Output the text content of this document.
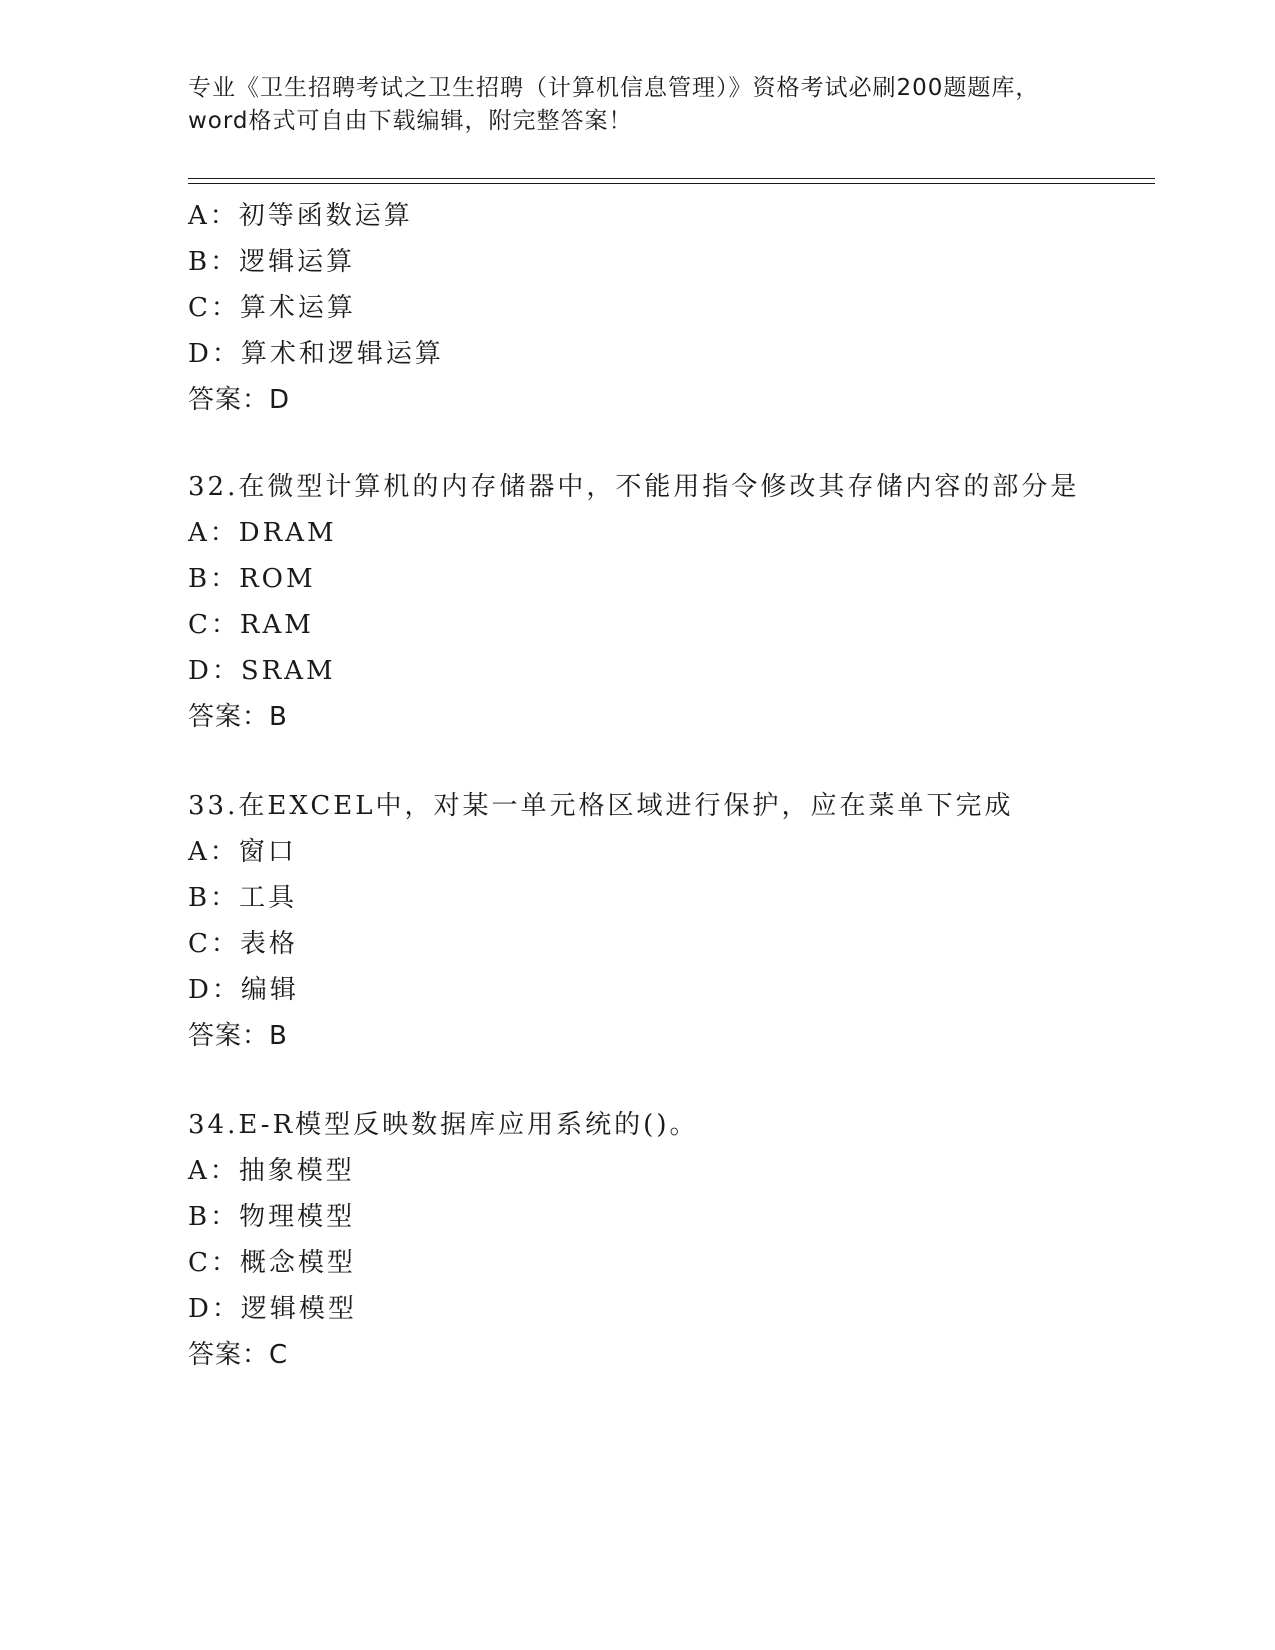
专业《卫生招聘考试之卫生招聘（计算机信息管理）》资格考试必刷200题题库，
word格式可自由下载编辑，附完整答案！
A：初等函数运算
B：逻辑运算
C：算术运算
D：算术和逻辑运算
答案：D
32.在微型计算机的内存储器中，不能用指令修改其存储内容的部分是
A：DRAM
B：ROM
C：RAM
D：SRAM
答案：B
33.在EXCEL中，对某一单元格区域进行保护，应在菜单下完成
A：窗口
B：工具
C：表格
D：编辑
答案：B
34.E-R模型反映数据库应用系统的()。
A：抽象模型
B：物理模型
C：概念模型
D：逻辑模型
答案：C
